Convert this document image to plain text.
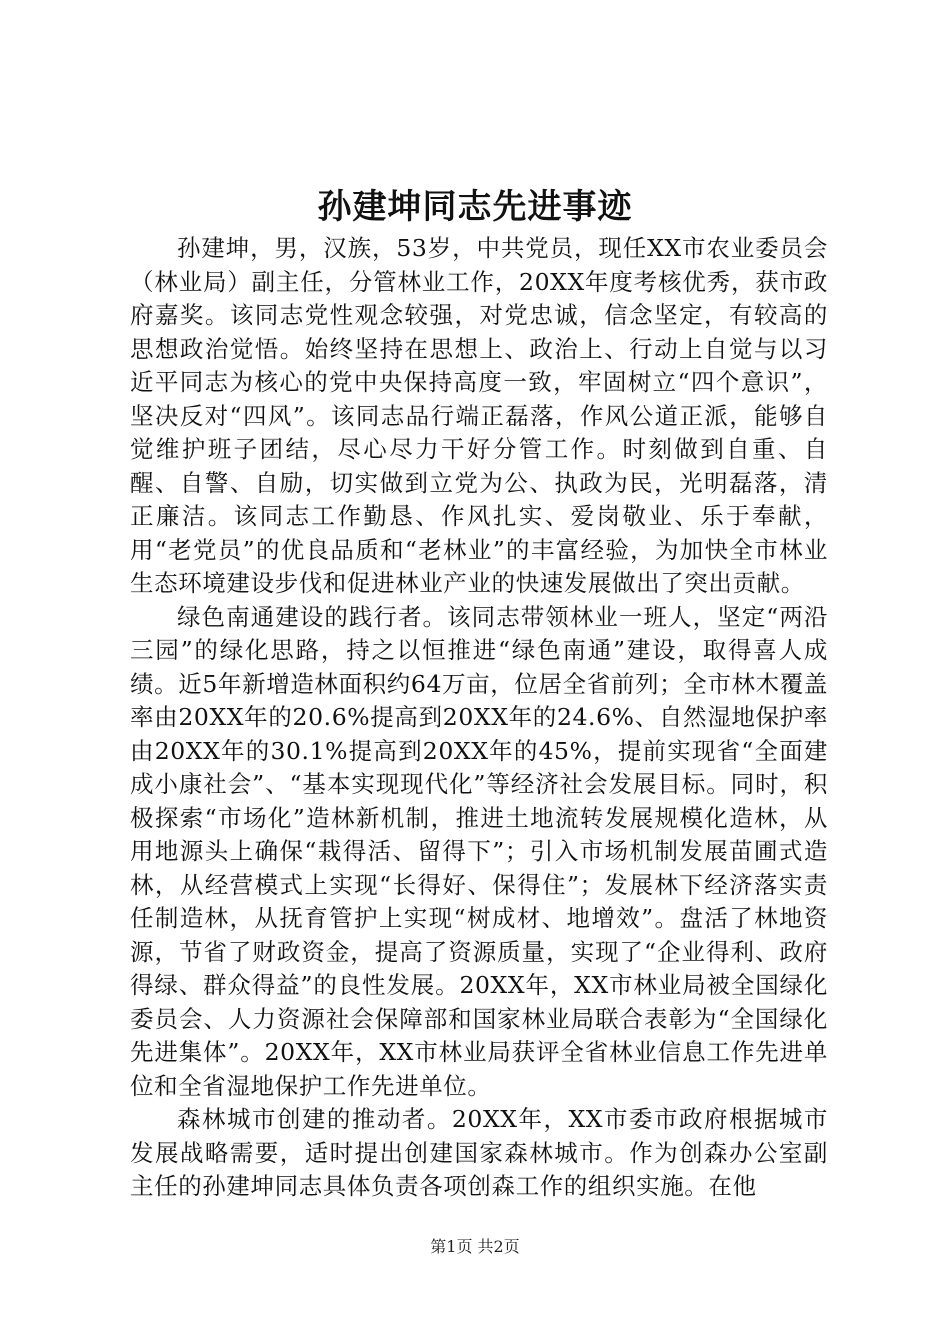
孙建坤同志先进事迹

孙建坤，男，汉族，53岁，中共党员，现任XX市农业委员会（林业局）副主任，分管林业工作，20XX年度考核优秀，获市政府嘉奖。该同志党性观念较强，对党忠诚，信念坚定，有较高的思想政治觉悟。始终坚持在思想上、政治上、行动上自觉与以习近平同志为核心的党中央保持高度一致，牢固树立“四个意识”，坚决反对“四风”。该同志品行端正磊落，作风公道正派，能够自觉维护班子团结，尽心尽力干好分管工作。时刻做到自重、自醒、自警、自励，切实做到立党为公、执政为民，光明磊落，清正廉洁。该同志工作勤恳、作风扎实、爱岗敬业、乐于奉献，用“老党员”的优良品质和“老林业”的丰富经验，为加快全市林业生态环境建设步伐和促进林业产业的快速发展做出了突出贡献。

绿色南通建设的践行者。该同志带领林业一班人，坚定“两沿三园”的绿化思路，持之以恒推进“绿色南通”建设，取得喜人成绩。近5年新增造林面积约64万亩，位居全省前列；全市林木覆盖率由20XX年的20.6%提高到20XX年的24.6%、自然湿地保护率由20XX年的30.1%提高到20XX年的45%，提前实现省“全面建成小康社会”、“基本实现现代化”等经济社会发展目标。同时，积极探索“市场化”造林新机制，推进土地流转发展规模化造林，从用地源头上确保“栽得活、留得下”；引入市场机制发展苗圃式造林，从经营模式上实现“长得好、保得住”；发展林下经济落实责任制造林，从抚育管护上实现“树成材、地增效”。盘活了林地资源，节省了财政资金，提高了资源质量，实现了“企业得利、政府得绿、群众得益”的良性发展。20XX年，XX市林业局被全国绿化委员会、人力资源社会保障部和国家林业局联合表彰为“全国绿化先进集体”。20XX年，XX市林业局获评全省林业信息工作先进单位和全省湿地保护工作先进单位。

森林城市创建的推动者。20XX年，XX市委市政府根据城市发展战略需要，适时提出创建国家森林城市。作为创森办公室副主任的孙建坤同志具体负责各项创森工作的组织实施。在他

第1页 共2页
